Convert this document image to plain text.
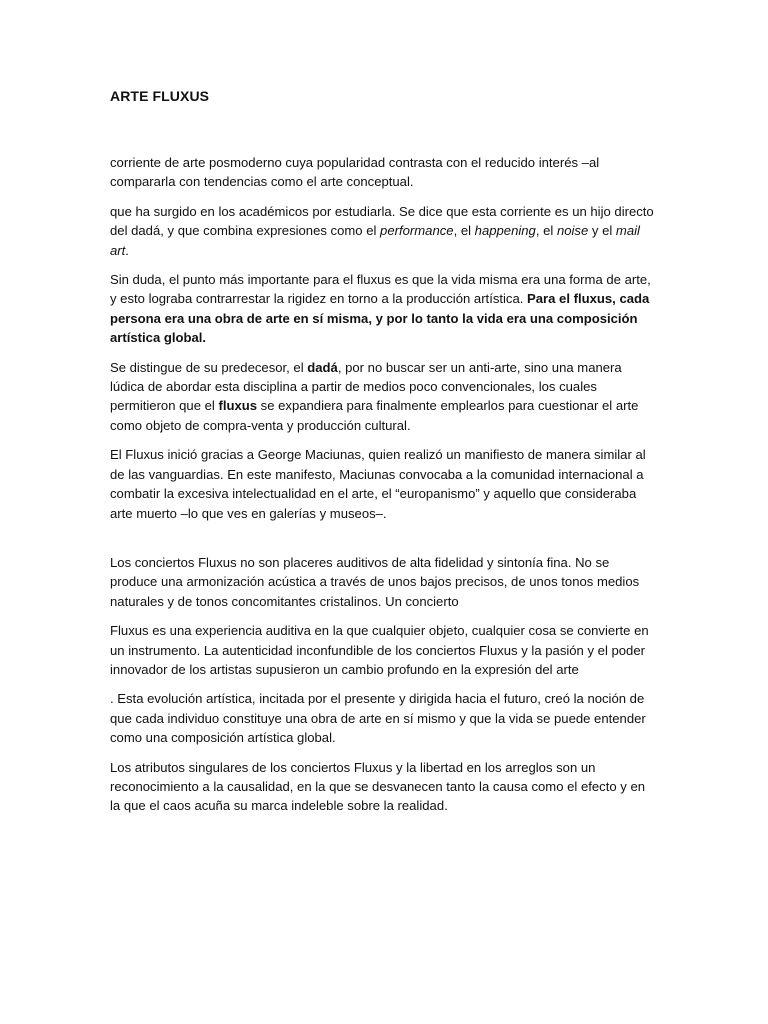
ARTE FLUXUS

corriente de arte posmoderno cuya popularidad contrasta con el reducido interés –al compararla con tendencias como el arte conceptual.

que ha surgido en los académicos por estudiarla. Se dice que esta corriente es un hijo directo del dadá, y que combina expresiones como el performance, el happening, el noise y el mail art.

Sin duda, el punto más importante para el fluxus es que la vida misma era una forma de arte, y esto lograba contrarrestar la rigidez en torno a la producción artística. Para el fluxus, cada persona era una obra de arte en sí misma, y por lo tanto la vida era una composición artística global.

Se distingue de su predecesor, el dadá, por no buscar ser un anti-arte, sino una manera lúdica de abordar esta disciplina a partir de medios poco convencionales, los cuales permitieron que el fluxus se expandiera para finalmente emplearlos para cuestionar el arte como objeto de compra-venta y producción cultural.

El Fluxus inició gracias a George Maciunas, quien realizó un manifiesto de manera similar al de las vanguardias. En este manifesto, Maciunas convocaba a la comunidad internacional a combatir la excesiva intelectualidad en el arte, el “europanismo” y aquello que consideraba arte muerto –lo que ves en galerías y museos–.

Los conciertos Fluxus no son placeres auditivos de alta fidelidad y sintonía fina. No se produce una armonización acústica a través de unos bajos precisos, de unos tonos medios naturales y de tonos concomitantes cristalinos. Un concierto

Fluxus es una experiencia auditiva en la que cualquier objeto, cualquier cosa se convierte en un instrumento. La autenticidad inconfundible de los conciertos Fluxus y la pasión y el poder innovador de los artistas supusieron un cambio profundo en la expresión del arte

. Esta evolución artística, incitada por el presente y dirigida hacia el futuro, creó la noción de que cada individuo constituye una obra de arte en sí mismo y que la vida se puede entender como una composición artística global.

Los atributos singulares de los conciertos Fluxus y la libertad en los arreglos son un reconocimiento a la causalidad, en la que se desvanecen tanto la causa como el efecto y en la que el caos acuña su marca indeleble sobre la realidad.
